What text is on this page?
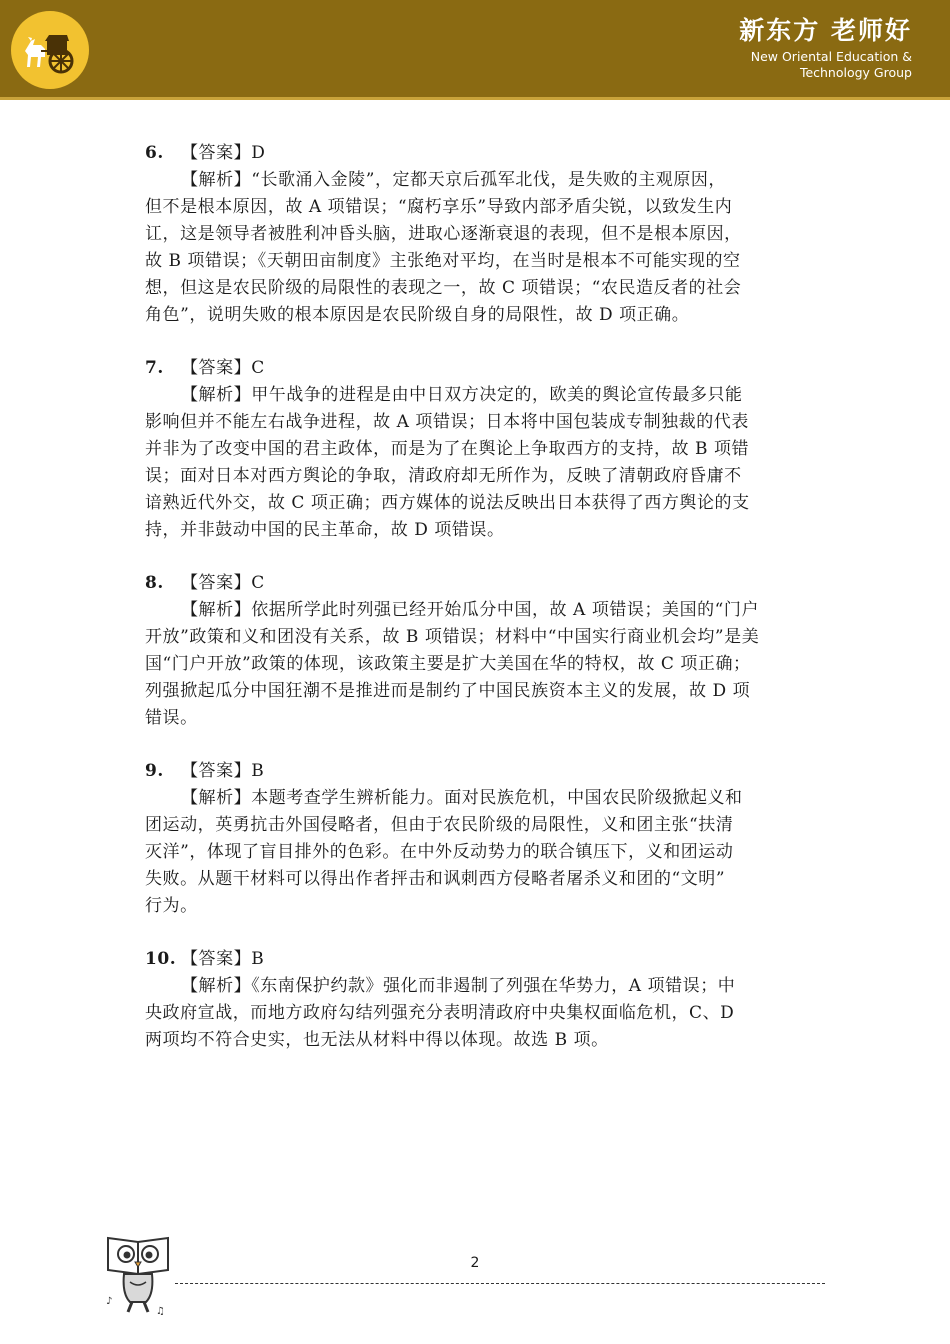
新东方 老师好
New Oriental Education &
Technology Group
6. 【答案】D
【解析】“长歌涌入金陵”，定都天京后孤军北伐，是失败的主观原因，
但不是根本原因，故 A 项错误；“腐朽享乐”导致内部矛盾尖锐，以致发生内
讧，这是领导者被胜利冲昏头脑，进取心逐渐衰退的表现，但不是根本原因，
故 B 项错误；《天朝田亩制度》主张绝对平均，在当时是根本不可能实现的空
想，但这是农民阶级的局限性的表现之一，故 C 项错误；“农民造反者的社会
角色”，说明失败的根本原因是农民阶级自身的局限性，故 D 项正确。
7. 【答案】C
【解析】甲午战争的进程是由中日双方决定的，欧美的舆论宣传最多只能
影响但并不能左右战争进程，故 A 项错误；日本将中国包装成专制独裁的代表
并非为了改变中国的君主政体，而是为了在舆论上争取西方的支持，故 B 项错
误；面对日本对西方舆论的争取，清政府却无所作为，反映了清朝政府昏庸不
谙熟近代外交，故 C 项正确；西方媒体的说法反映出日本获得了西方舆论的支
持，并非鼓动中国的民主革命，故 D 项错误。
8. 【答案】C
【解析】依据所学此时列强已经开始瓜分中国，故 A 项错误；美国的“门户
开放”政策和义和团没有关系，故 B 项错误；材料中“中国实行商业机会均”是美
国“门户开放”政策的体现，该政策主要是扩大美国在华的特权，故 C 项正确；
列强掀起瓜分中国狂潮不是推进而是制约了中国民族资本主义的发展，故 D 项
错误。
9. 【答案】B
【解析】本题考查学生辨析能力。面对民族危机，中国农民阶级掀起义和
团运动，英勇抗击外国侵略者，但由于农民阶级的局限性，义和团主张“扶清
灭洋”，体现了盲目排外的色彩。在中外反动势力的联合镇压下，义和团运动
失败。从题干材料可以得出作者抨击和讽刺西方侵略者屠杀义和团的“文明”
行为。
10. 【答案】B
【解析】《东南保护约款》强化而非遏制了列强在华势力，A 项错误；中
央政府宣战，而地方政府勾结列强充分表明清政府中央集权面临危机，C、D
两项均不符合史实，也无法从材料中得以体现。故选 B 项。
♪
♫
2
